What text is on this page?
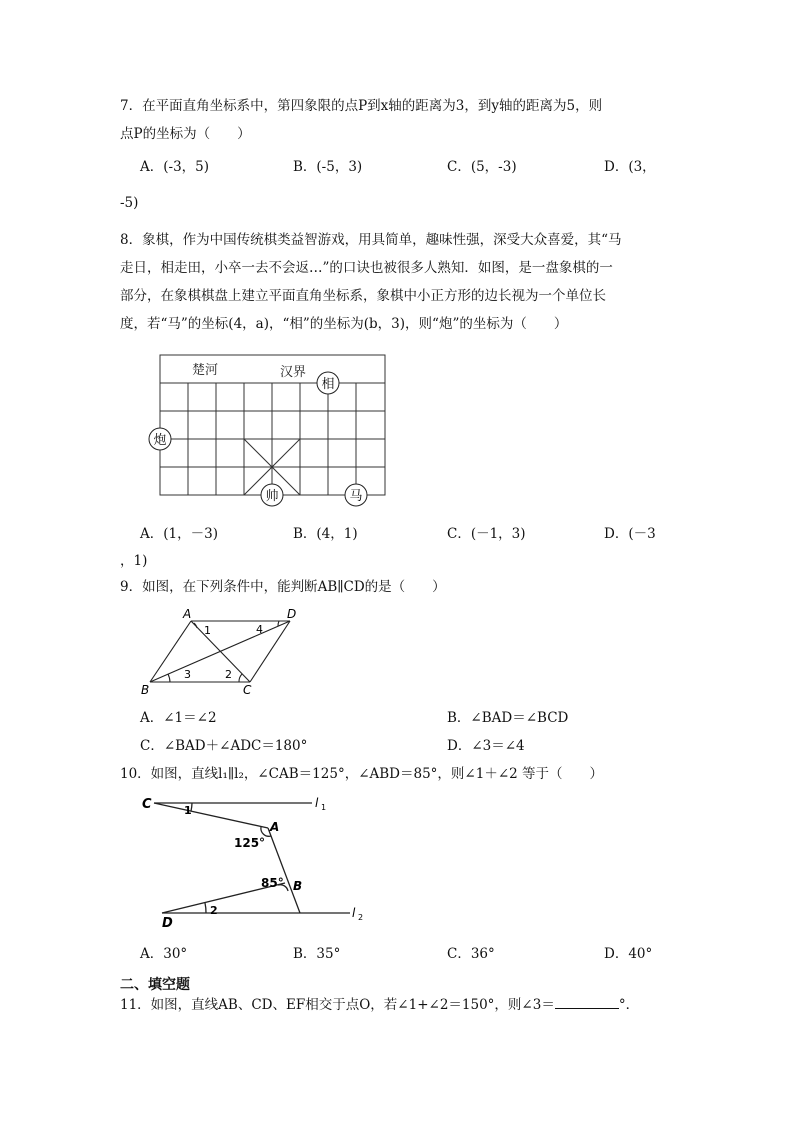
7．在平面直角坐标系中，第四象限的点P到x轴的距离为3，到y轴的距离为5，则
点P的坐标为（　　）
A．(-3，5)	B．(-5，3)	C．(5，-3)	D．(3，
-5)
8．象棋，作为中国传统棋类益智游戏，用具简单，趣味性强，深受大众喜爱，其“马
走日，相走田，小卒一去不会返…”的口诀也被很多人熟知．如图，是一盘象棋的一
部分，在象棋棋盘上建立平面直角坐标系，象棋中小正方形的边长视为一个单位长
度，若“马”的坐标(4，a)，“相”的坐标为(b，3)，则“炮”的坐标为（　　）
楚河	汉界
相
炮
帅	马
A．(1，－3)	B．(4，1)	C．(－1，3)	D．(－3
，1)
9．如图，在下列条件中，能判断AB∥CD的是（　　）
A	D
B	C
1	4
3	2
A．∠1＝∠2	B．∠BAD＝∠BCD
C．∠BAD＋∠ADC＝180°	D．∠3＝∠4
10．如图，直线l₁∥l₂，∠CAB＝125°，∠ABD＝85°，则∠1＋∠2 等于（　　）
C
A
B
D
1
2
125°
85°
l 1
l 2
A．30°	B．35°	C．36°	D．40°
二、填空题
11．如图，直线AB、CD、EF相交于点O，若∠1+∠2＝150°，则∠3＝	°．
